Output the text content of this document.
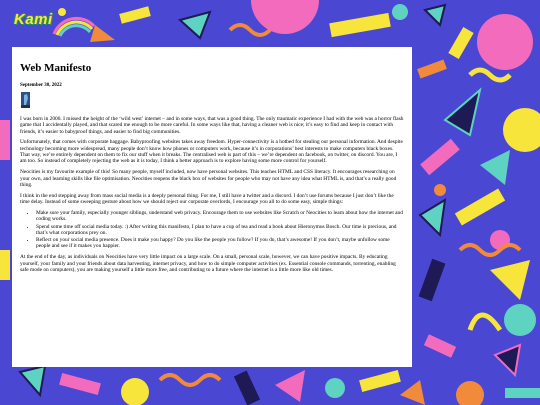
Kami
Web Manifesto
September 30, 2022

I was born in 2000. I missed the height of the ‘wild west’ internet – and in some ways, that was a good thing. The only traumatic experience I had with the web was a horror flash game that I accidentally played, and that scared me enough to be more careful. In some ways like that, having a cleaner web is nice; it’s easy to find and keep in contact with friends, it’s easier to babyproof things, and easier to find big communities.

Unfortunately, that comes with corporate baggage. Babyproofing websites takes away freedom. Hyper-connectivity is a hotbed for stealing our personal information. And despite technology becoming more widespread, many people don’t know how phones or computers work, because it’s in corporations’ best interests to make computers black boxes. That way, we’re entirely dependent on them to fix our stuff when it breaks. The centralised web is part of this – we’re dependent on facebook, on twitter, on discord. You are, I am too. So instead of completely rejecting the web as it is today, I think a better approach is to explore having some more control for yourself.

Neocities is my favourite example of this! So many people, myself included, now have personal websites. This teaches HTML and CSS literacy. It encourages researching on your own, and learning skills like file optimisation. Neocities reopens the black box of websites for people who may not have any idea what HTML is, and that’s a really good thing.

I think in the end stepping away from mass social media is a deeply personal thing. For me, I still have a twitter and a discord. I don’t use forums because I just don’t like the time delay. Instead of some sweeping gesture about how we should reject our corporate overlords, I encourage you all to do some easy, simple things:

• Make sure your family, especially younger siblings, understand web privacy. Encourage them to use websites like Scratch or Neocities to learn about how the internet and coding works.
• Spend some time off social media today. :) After writing this manifesto, I plan to have a cup of tea and read a book about Hieronymus Bosch. Our time is precious, and that’s what corporations prey on.
• Reflect on your social media presence. Does it make you happy? Do you like the people you follow? If you do, that’s awesome! If you don’t, maybe unfollow some people and see if it makes you happier.

At the end of the day, as individuals on Neocities have very little impact on a large scale. On a small, personal scale, however, we can have positive impacts. By educating yourself, your family and your friends about data harvesting, internet privacy, and how to do simple computer activities (ex. Essential console commands, torrenting, enabling safe mode on computers), you are making yourself a little more free, and contributing to a future where the internet is a little more like old times.
